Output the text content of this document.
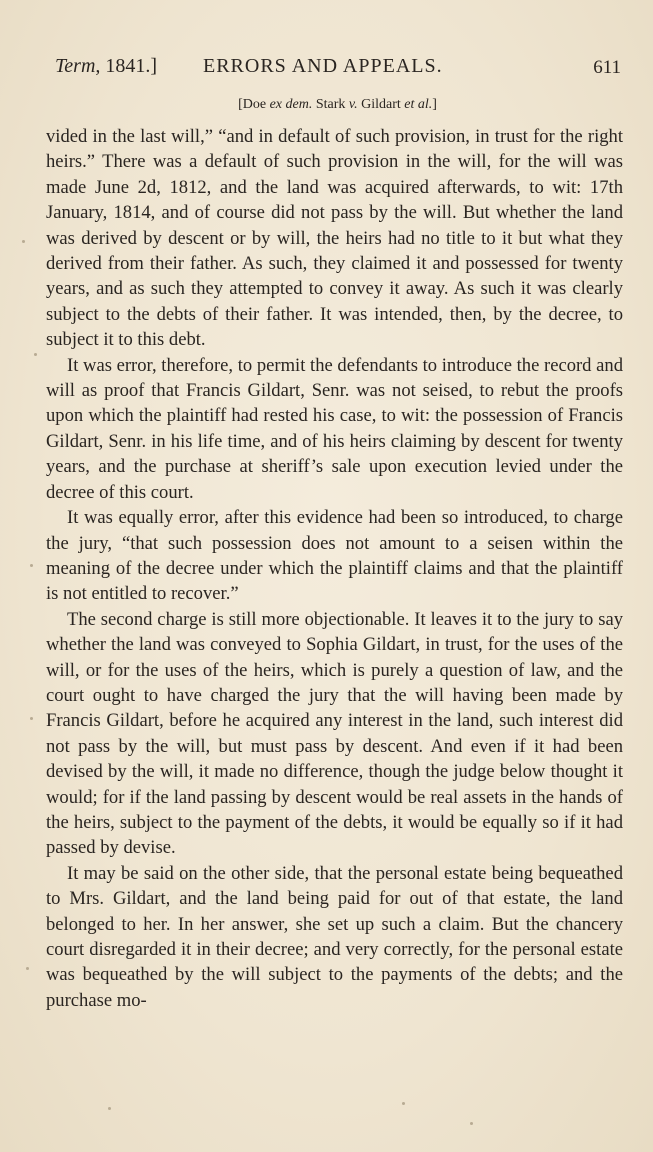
Term, 1841.] ERRORS AND APPEALS.	611
[Doe ex dem. Stark v. Gildart et al.]

vided in the last will,” “and in default of such provision, in trust for the right heirs.” There was a default of such provision in the will, for the will was made June 2d, 1812, and the land was acquired afterwards, to wit: 17th January, 1814, and of course did not pass by the will. But whether the land was derived by descent or by will, the heirs had no title to it but what they derived from their father. As such, they claimed it and possessed for twenty years, and as such they attempted to convey it away. As such it was clearly subject to the debts of their father. It was intended, then, by the decree, to subject it to this debt.

It was error, therefore, to permit the defendants to introduce the record and will as proof that Francis Gildart, Senr. was not seised, to rebut the proofs upon which the plaintiff had rested his case, to wit: the possession of Francis Gildart, Senr. in his life time, and of his heirs claiming by descent for twenty years, and the purchase at sheriff’s sale upon execution levied under the decree of this court.

It was equally error, after this evidence had been so introduced, to charge the jury, “that such possession does not amount to a seisen within the meaning of the decree under which the plaintiff claims and that the plaintiff is not entitled to recover.”

The second charge is still more objectionable. It leaves it to the jury to say whether the land was conveyed to Sophia Gildart, in trust, for the uses of the will, or for the uses of the heirs, which is purely a question of law, and the court ought to have charged the jury that the will having been made by Francis Gildart, before he acquired any interest in the land, such interest did not pass by the will, but must pass by descent. And even if it had been devised by the will, it made no difference, though the judge below thought it would; for if the land passing by descent would be real assets in the hands of the heirs, subject to the payment of the debts, it would be equally so if it had passed by devise.

It may be said on the other side, that the personal estate being bequeathed to Mrs. Gildart, and the land being paid for out of that estate, the land belonged to her. In her answer, she set up such a claim. But the chancery court disregarded it in their decree; and very correctly, for the personal estate was bequeathed by the will subject to the payments of the debts; and the purchase mo-
